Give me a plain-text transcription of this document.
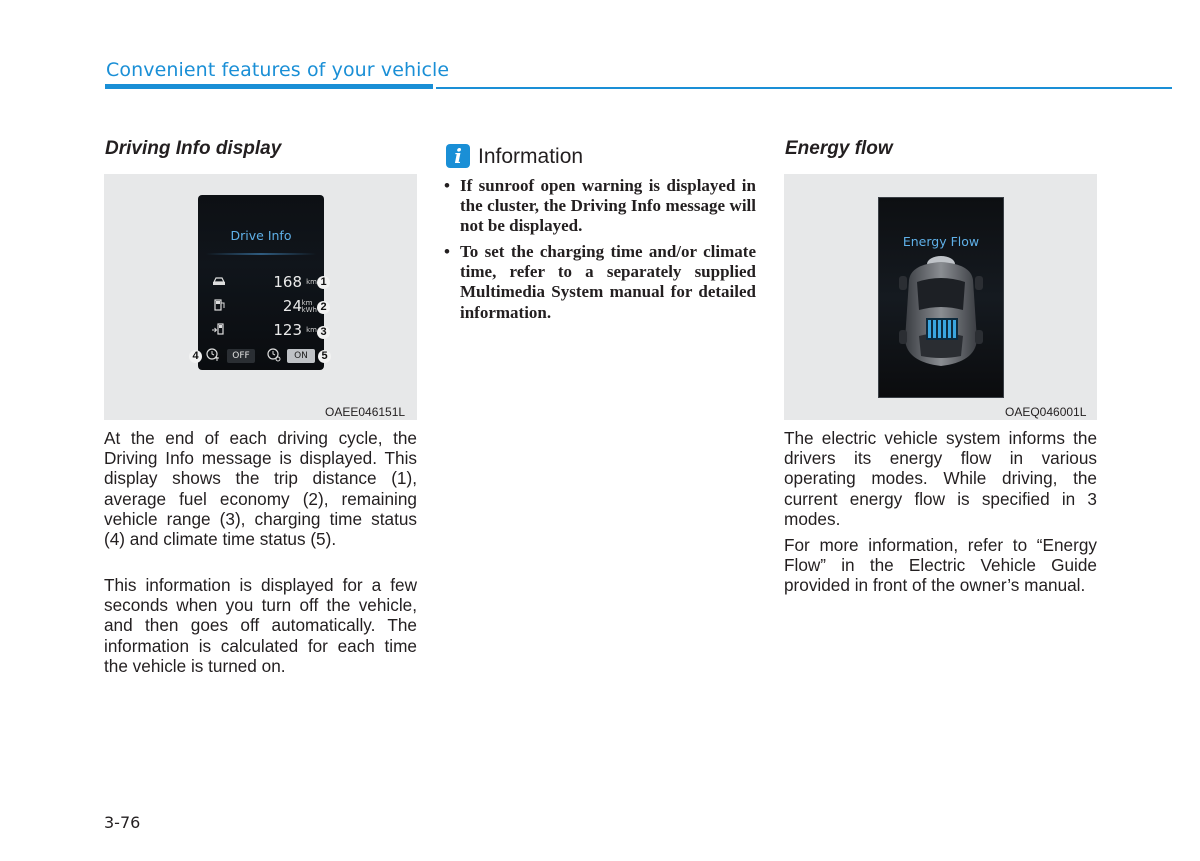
Convenient features of your vehicle
Driving Info display
Drive Info
168 km
24 km
kWh
123 km
OFF	ON
1
2
3
4	5
OAEE046151L
At the end of each driving cycle, the Driving Info message is displayed. This display shows the trip distance (1), average fuel economy (2), remaining vehicle range (3), charging time status (4) and climate time status (5).
This information is displayed for a few seconds when you turn off the vehicle, and then goes off automatically. The information is calculated for each time the vehicle is turned on.
i Information
• If sunroof open warning is displayed in the cluster, the Driving Info message will not be displayed.
• To set the charging time and/or climate time, refer to a separately supplied Multimedia System manual for detailed information.
Energy flow
Energy Flow
OAEQ046001L
The electric vehicle system informs the drivers its energy flow in various operating modes. While driving, the current energy flow is specified in 3 modes.
For more information, refer to “Energy Flow” in the Electric Vehicle Guide provided in front of the owner’s manual.
3-76
